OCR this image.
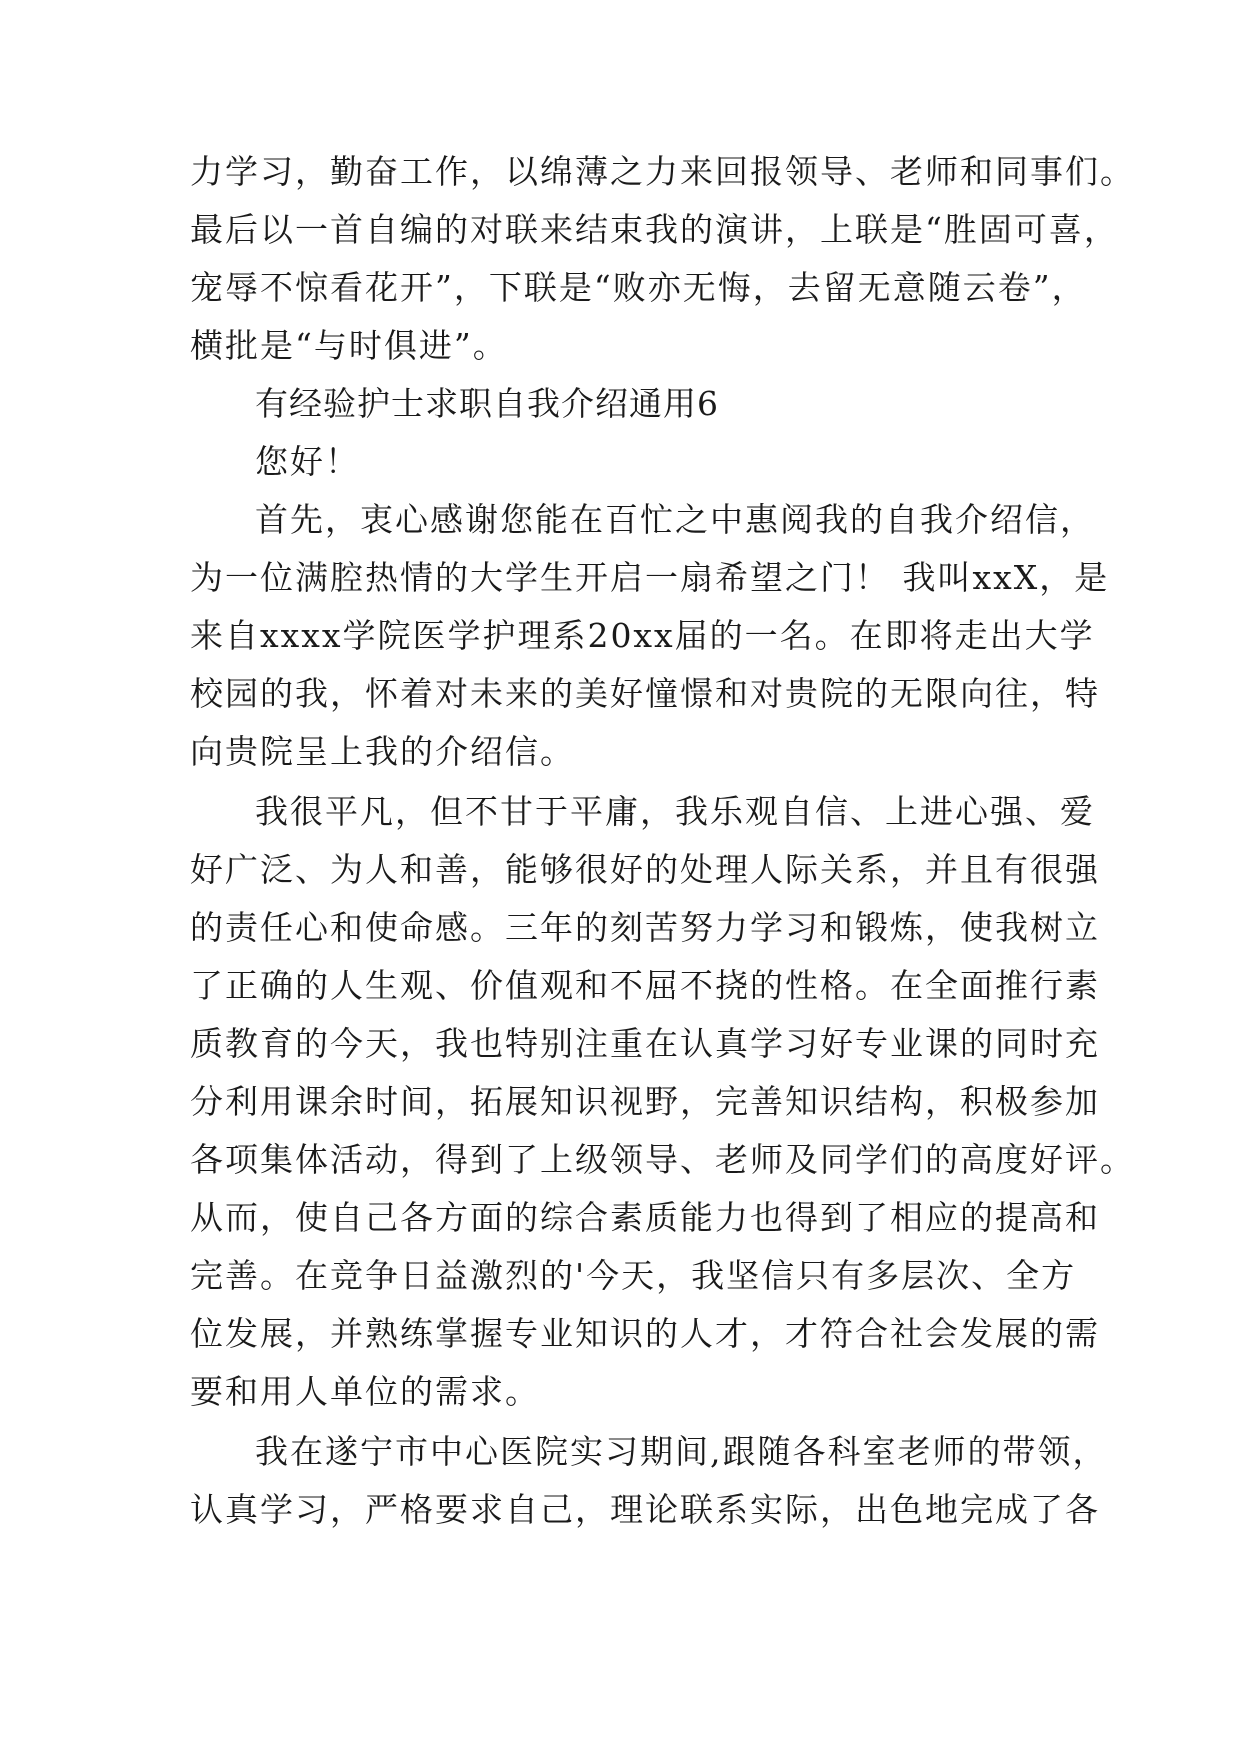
力学习，勤奋工作，以绵薄之力来回报领导、老师和同事们。
最后以一首自编的对联来结束我的演讲，上联是“胜固可喜，
宠辱不惊看花开”，下联是“败亦无悔，去留无意随云卷”，
横批是“与时俱进”。
有经验护士求职自我介绍通用6
您好！
首先，衷心感谢您能在百忙之中惠阅我的自我介绍信，
为一位满腔热情的大学生开启一扇希望之门！ 我叫xxX，是
来自xxxx学院医学护理系20xx届的一名。在即将走出大学
校园的我，怀着对未来的美好憧憬和对贵院的无限向往，特
向贵院呈上我的介绍信。
我很平凡，但不甘于平庸，我乐观自信、上进心强、爱
好广泛、为人和善，能够很好的处理人际关系，并且有很强
的责任心和使命感。三年的刻苦努力学习和锻炼，使我树立
了正确的人生观、价值观和不屈不挠的性格。在全面推行素
质教育的今天，我也特别注重在认真学习好专业课的同时充
分利用课余时间，拓展知识视野，完善知识结构，积极参加
各项集体活动，得到了上级领导、老师及同学们的高度好评。
从而，使自己各方面的综合素质能力也得到了相应的提高和
完善。在竞争日益激烈的'今天，我坚信只有多层次、全方
位发展，并熟练掌握专业知识的人才，才符合社会发展的需
要和用人单位的需求。
我在遂宁市中心医院实习期间,跟随各科室老师的带领，
认真学习，严格要求自己，理论联系实际，出色地完成了各
